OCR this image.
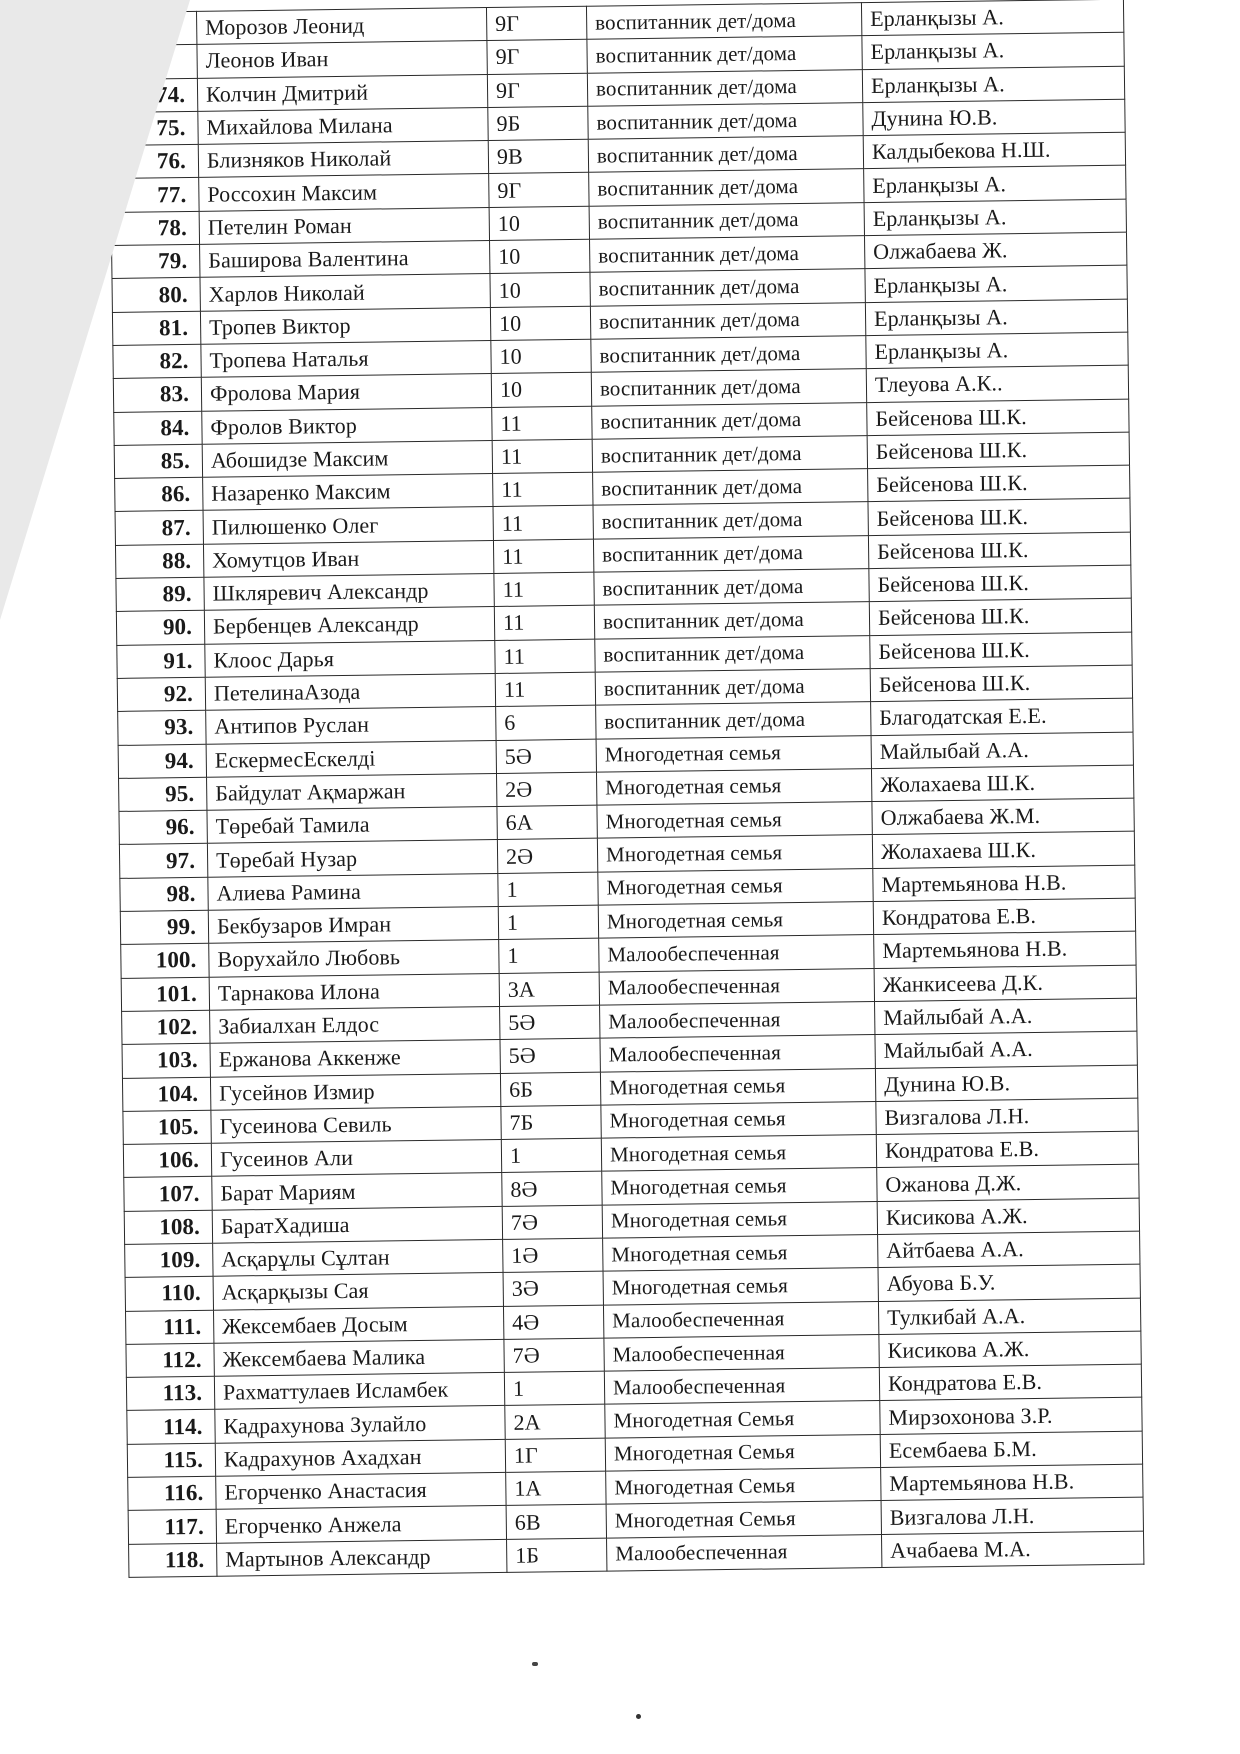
	Морозов Леонид	9Г	воспитанник дет/дома	Ерланқызы А.
	Леонов Иван	9Г	воспитанник дет/дома	Ерланқызы А.
74.	Колчин Дмитрий	9Г	воспитанник дет/дома	Ерланқызы А.
75.	Михайлова Милана	9Б	воспитанник дет/дома	Дунина Ю.В.
76.	Близняков Николай	9В	воспитанник дет/дома	Калдыбекова Н.Ш.
77.	Россохин Максим	9Г	воспитанник дет/дома	Ерланқызы А.
78.	Петелин Роман	10	воспитанник дет/дома	Ерланқызы А.
79.	Баширова Валентина	10	воспитанник дет/дома	Олжабаева Ж.
80.	Харлов Николай	10	воспитанник дет/дома	Ерланқызы А.
81.	Тропев Виктор	10	воспитанник дет/дома	Ерланқызы А.
82.	Тропева Наталья	10	воспитанник дет/дома	Ерланқызы А.
83.	Фролова Мария	10	воспитанник дет/дома	Тлеуова А.К..
84.	Фролов Виктор	11	воспитанник дет/дома	Бейсенова Ш.К.
85.	Абошидзе Максим	11	воспитанник дет/дома	Бейсенова Ш.К.
86.	Назаренко Максим	11	воспитанник дет/дома	Бейсенова Ш.К.
87.	Пилюшенко Олег	11	воспитанник дет/дома	Бейсенова Ш.К.
88.	Хомутцов Иван	11	воспитанник дет/дома	Бейсенова Ш.К.
89.	Шкляревич Александр	11	воспитанник дет/дома	Бейсенова Ш.К.
90.	Бербенцев Александр	11	воспитанник дет/дома	Бейсенова Ш.К.
91.	Клоос Дарья	11	воспитанник дет/дома	Бейсенова Ш.К.
92.	ПетелинаАзода	11	воспитанник дет/дома	Бейсенова Ш.К.
93.	Антипов Руслан	6	воспитанник дет/дома	Благодатская Е.Е.
94.	ЕскермесЕскелді	5Ә	Многодетная семья	Майлыбай А.А.
95.	Байдулат Ақмаржан	2Ә	Многодетная семья	Жолахаева Ш.К.
96.	Төребай Тамила	6А	Многодетная семья	Олжабаева Ж.М.
97.	Төребай Нузар	2Ә	Многодетная семья	Жолахаева Ш.К.
98.	Алиева Рамина	1	Многодетная семья	Мартемьянова Н.В.
99.	Бекбузаров Имран	1	Многодетная семья	Кондратова Е.В.
100.	Ворухайло Любовь	1	Малообеспеченная	Мартемьянова Н.В.
101.	Тарнакова Илона	3А	Малообеспеченная	Жанкисеева Д.К.
102.	Забиалхан Елдос	5Ә	Малообеспеченная	Майлыбай А.А.
103.	Ержанова Аккенже	5Ә	Малообеспеченная	Майлыбай А.А.
104.	Гусейнов Измир	6Б	Многодетная семья	Дунина Ю.В.
105.	Гусеинова Севиль	7Б	Многодетная семья	Визгалова Л.Н.
106.	Гусеинов Али	1	Многодетная семья	Кондратова Е.В.
107.	Барат Мариям	8Ә	Многодетная семья	Ожанова Д.Ж.
108.	БаратХадиша	7Ә	Многодетная семья	Кисикова А.Ж.
109.	Асқарұлы Сұлтан	1Ә	Многодетная семья	Айтбаева А.А.
110.	Асқарқызы Сая	3Ә	Многодетная семья	Абуова Б.У.
111.	Жексембаев Досым	4Ә	Малообеспеченная	Тулкибай А.А.
112.	Жексембаева Малика	7Ә	Малообеспеченная	Кисикова А.Ж.
113.	Рахматтулаев Исламбек	1	Малообеспеченная	Кондратова Е.В.
114.	Кадрахунова Зулайло	2А	Многодетная Семья	Мирзохонова З.Р.
115.	Кадрахунов Ахадхан	1Г	Многодетная Семья	Есембаева Б.М.
116.	Егорченко Анастасия	1А	Многодетная Семья	Мартемьянова Н.В.
117.	Егорченко Анжела	6В	Многодетная Семья	Визгалова Л.Н.
118.	Мартынов Александр	1Б	Малообеспеченная	Ачабаева М.А.
